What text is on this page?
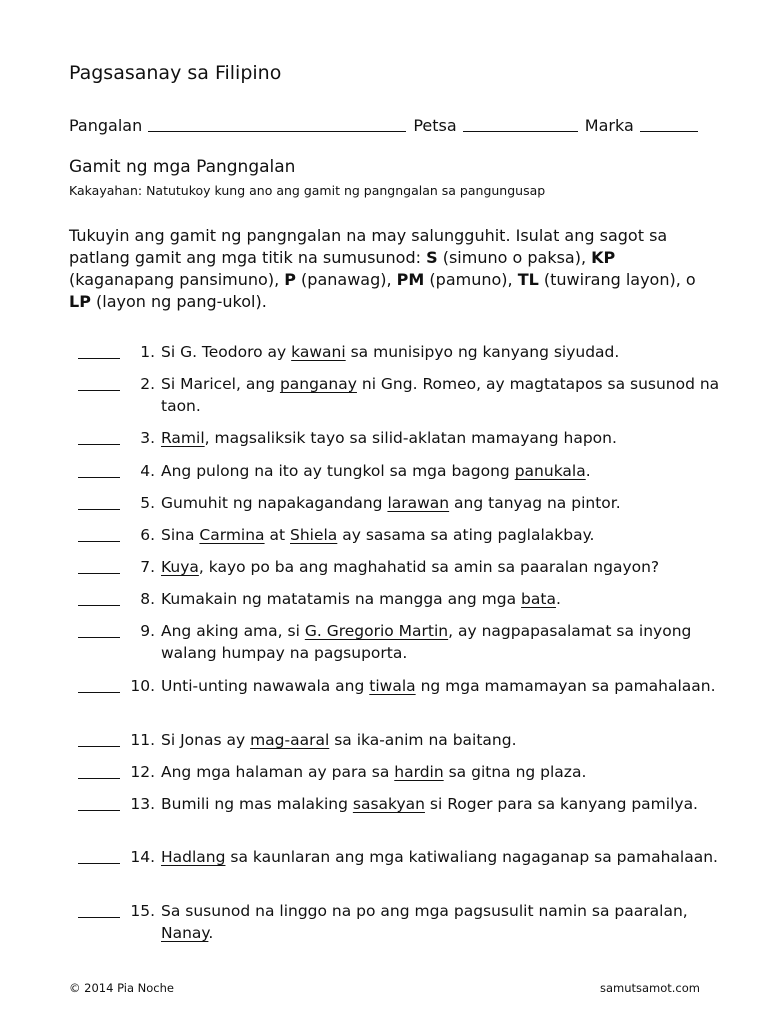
Pagsasanay sa Filipino
Pangalan	Petsa	Marka
Gamit ng mga Pangngalan
Kakayahan: Natutukoy kung ano ang gamit ng pangngalan sa pangungusap
Tukuyin ang gamit ng pangngalan na may salungguhit. Isulat ang sagot sa patlang gamit ang mga titik na sumusunod: S (simuno o paksa), KP (kaganapang pansimuno), P (panawag), PM (pamuno), TL (tuwirang layon), o LP (layon ng pang-ukol).
1. Si G. Teodoro ay kawani sa munisipyo ng kanyang siyudad.
2. Si Maricel, ang panganay ni Gng. Romeo, ay magtatapos sa susunod na taon.
3. Ramil, magsaliksik tayo sa silid-aklatan mamayang hapon.
4. Ang pulong na ito ay tungkol sa mga bagong panukala.
5. Gumuhit ng napakagandang larawan ang tanyag na pintor.
6. Sina Carmina at Shiela ay sasama sa ating paglalakbay.
7. Kuya, kayo po ba ang maghahatid sa amin sa paaralan ngayon?
8. Kumakain ng matatamis na mangga ang mga bata.
9. Ang aking ama, si G. Gregorio Martin, ay nagpapasalamat sa inyong walang humpay na pagsuporta.
10. Unti-unting nawawala ang tiwala ng mga mamamayan sa pamahalaan.
11. Si Jonas ay mag-aaral sa ika-anim na baitang.
12. Ang mga halaman ay para sa hardin sa gitna ng plaza.
13. Bumili ng mas malaking sasakyan si Roger para sa kanyang pamilya.
14. Hadlang sa kaunlaran ang mga katiwaliang nagaganap sa pamahalaan.
15. Sa susunod na linggo na po ang mga pagsusulit namin sa paaralan, Nanay.
© 2014 Pia Noche	samutsamot.com
